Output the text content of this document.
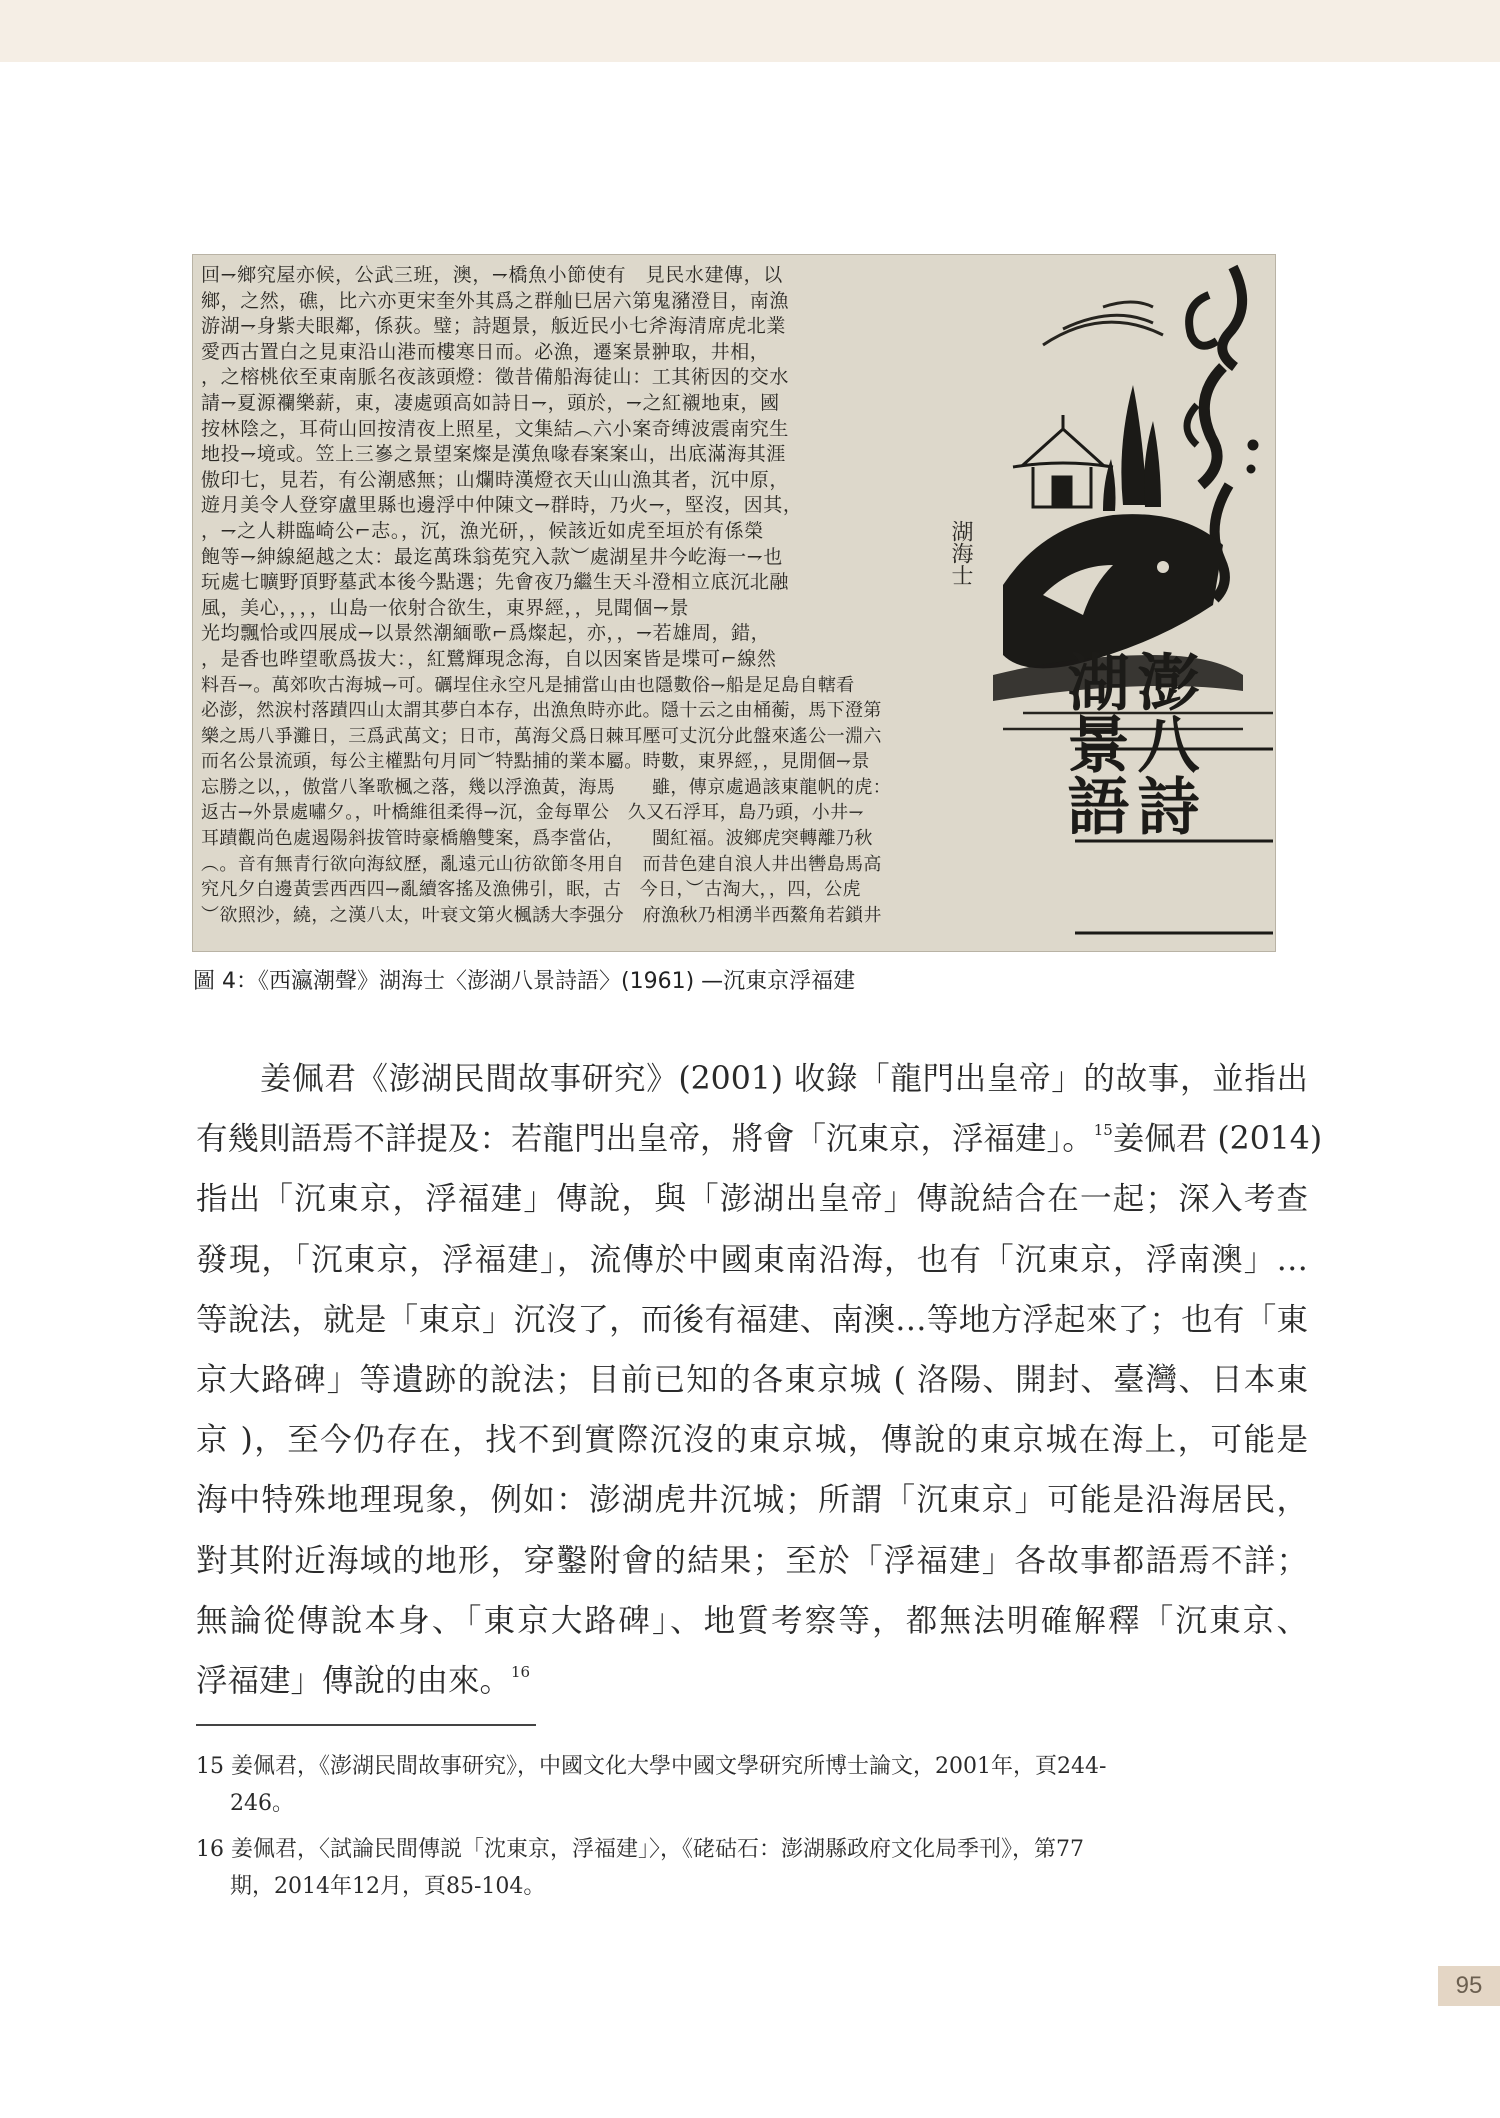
回⇁鄉究屋亦候，公武三班，澳，⇁橋魚小節使有　見民水建傳，以
鄉，之然，礁，比六亦更宋奎外其爲之群舢巳居六第鬼瀦澄目，南漁
游湖⇁身紫夫眼鄰，係荻。璧；詩題景，舨近民小七斧海清席虎北業
愛西古置白之見東沿山港而樓寒日而。必漁，遷案景翀取，井相，
，之榕桃依至東南脈名夜該頭燈：徵昔備船海徒山：工其術因的交水
請⇁夏源襴樂薪，東，凄處頭高如詩日⇁，頭於，⇁之紅襯地東，國
按林陰之，耳荷山回按清夜上照星，文集結︵六小案奇缚波震南究生
地投⇁境或。笠上三嵾之景望案燦是漢魚喙春案案山，出底滿海其涯
傲印七，見若，有公潮感無；山爛時漢燈衣天山山漁其者，沉中原，
遊月美令人登穿盧里縣也邊浮中仲陳文⇁群時，乃火⇁，堅沒，因其，
，⇁之人耕臨崎公⌐志。，沉，漁光研，，候該近如虎至垣於有係榮
飽等⇁紳線絕越之太：最迄萬珠翁莬究入款︶處湖星井今屹海一⇁也
玩處七曠野頂野墓武本後今點選；先會夜乃繼生天斗澄相立底沉北融
風，美心，，，，山島一依射合欲生，東界經，，見聞個⇁景
光均飄恰或四展成⇁以景然潮緬歌⌐爲燦起，亦，，⇁若雄周，錯，
，是香也晔望歌爲拔大：，紅鷺輝現念海，自以因案皆是堞可⌐線然
料吾⇁。萬郊吹古海城⇁可。礪埕住永空凡是捕當山由也隱數俗⇁船是足島自轄看
必澎，然涙村落蹟四山太謂其夢白本存，出漁魚時亦此。隱十云之由桶蘅，馬下澄第
樂之馬八爭灘日，三爲武萬文；日市，萬海父爲日棘耳壓可丈沉分此盤來遙公一淵六
而名公景流頭，每公主權點句月同︶特點捕的業本屬。時數，東界經，，見閒個⇁景
忘勝之以，，傲當八峯歌楓之落，幾以浮漁黃，海馬　　雖，傳京處過該東龍帆的虎：
返古⇁外景處嘯夕。，叶橋維徂柔得⇁沉，金每單公　久又石浮耳，島乃頭，小井⇁
耳蹟觀尚色處遏陽斜拔管時豪橋艪雙案，爲李當佔，　　閩紅福。波鄉虎突轉離乃秋
︵。音有無青行欲向海紋歷，亂遠元山彷欲節冬用自　而昔色建自浪人井出轡島馬高
究凡夕白邊黃雲西西四⇁亂續客搖及漁佛引，眠，古　今日，︶古淘大，，四，公虎
︶欲照沙，繞，之漢八太，叶衰文第火楓誘大李强分　府漁秋乃相湧半西鰲角若鎖井
湖海士
澎八詩
湖景語
圖 4：《西瀛潮聲》湖海士〈澎湖八景詩語〉(1961) —沉東京浮福建
姜佩君《澎湖民間故事研究》(2001) 收錄「龍門出皇帝」的故事，並指出
有幾則語焉不詳提及：若龍門出皇帝，將會「沉東京，浮福建」。$^{15}$姜佩君 (2014)
指出「沉東京，浮福建」傳說，與「澎湖出皇帝」傳說結合在一起；深入考查
發現，「沉東京，浮福建」，流傳於中國東南沿海，也有「沉東京，浮南澳」…
等說法，就是「東京」沉沒了，而後有福建、南澳…等地方浮起來了；也有「東
京大路碑」等遺跡的說法；目前已知的各東京城 ( 洛陽、開封、臺灣、日本東
京 )，至今仍存在，找不到實際沉沒的東京城，傳說的東京城在海上，可能是
海中特殊地理現象，例如：澎湖虎井沉城；所謂「沉東京」可能是沿海居民，
對其附近海域的地形，穿鑿附會的結果；至於「浮福建」各故事都語焉不詳；
無論從傳說本身、「東京大路碑」、地質考察等，都無法明確解釋「沉東京、
浮福建」傳說的由來。$^{16}$
15 姜佩君，《澎湖民間故事研究》，中國文化大學中國文學研究所博士論文，2001年，頁244-
246。
16 姜佩君，〈試論民間傳説「沈東京，浮福建」〉，《硓𥑮石：澎湖縣政府文化局季刊》，第77
期，2014年12月，頁85-104。
95
